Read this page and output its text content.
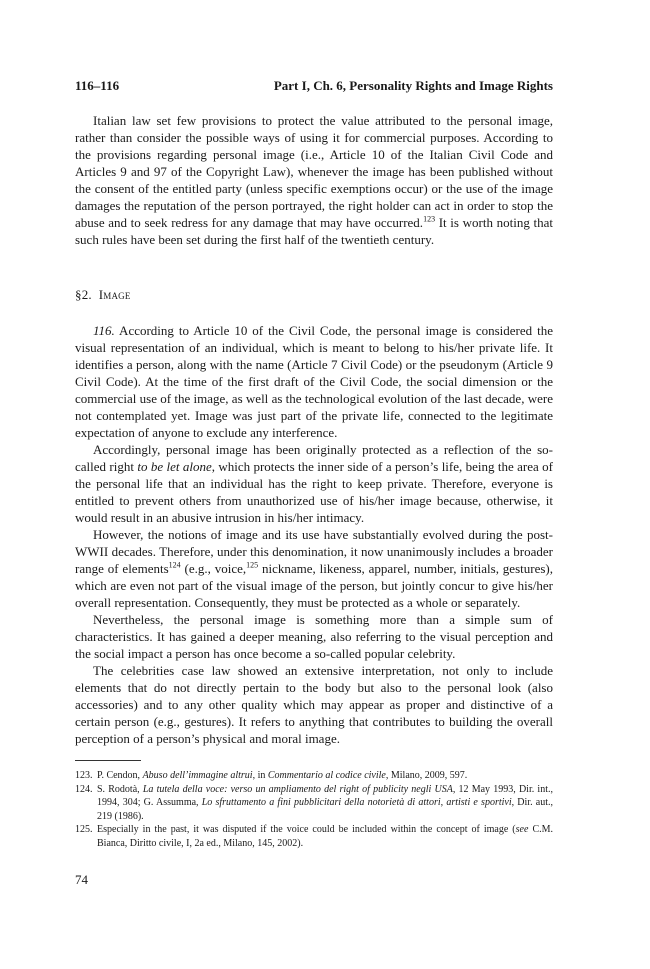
116–116	Part I, Ch. 6, Personality Rights and Image Rights

Italian law set few provisions to protect the value attributed to the personal image, rather than consider the possible ways of using it for commercial purposes. According to the provisions regarding personal image (i.e., Article 10 of the Italian Civil Code and Articles 9 and 97 of the Copyright Law), whenever the image has been published without the consent of the entitled party (unless specific exemptions occur) or the use of the image damages the reputation of the person portrayed, the right holder can act in order to stop the abuse and to seek redress for any damage that may have occurred.$^{123}$ It is worth noting that such rules have been set during the first half of the twentieth century.

§2.  Image

116. According to Article 10 of the Civil Code, the personal image is considered the visual representation of an individual, which is meant to belong to his/her private life. It identifies a person, along with the name (Article 7 Civil Code) or the pseudonym (Article 9 Civil Code). At the time of the first draft of the Civil Code, the social dimension or the commercial use of the image, as well as the technological evolution of the last decade, were not contemplated yet. Image was just part of the private life, connected to the legitimate expectation of anyone to exclude any interference.

Accordingly, personal image has been originally protected as a reflection of the so-called right to be let alone, which protects the inner side of a person’s life, being the area of the personal life that an individual has the right to keep private. Therefore, everyone is entitled to prevent others from unauthorized use of his/her image because, otherwise, it would result in an abusive intrusion in his/her intimacy.

However, the notions of image and its use have substantially evolved during the post-WWII decades. Therefore, under this denomination, it now unanimously includes a broader range of elements$^{124}$ (e.g., voice,$^{125}$ nickname, likeness, apparel, number, initials, gestures), which are even not part of the visual image of the person, but jointly concur to give his/her overall representation. Consequently, they must be protected as a whole or separately.

Nevertheless, the personal image is something more than a simple sum of characteristics. It has gained a deeper meaning, also referring to the visual perception and the social impact a person has once become a so-called popular celebrity.

The celebrities case law showed an extensive interpretation, not only to include elements that do not directly pertain to the body but also to the personal look (also accessories) and to any other quality which may appear as proper and distinctive of a certain person (e.g., gestures). It refers to anything that contributes to building the overall perception of a person’s physical and moral image.

123. P. Cendon, Abuso dell’immagine altrui, in Commentario al codice civile, Milano, 2009, 597.
124. S. Rodotà, La tutela della voce: verso un ampliamento del right of publicity negli USA, 12 May 1993, Dir. int., 1994, 304; G. Assumma, Lo sfruttamento a fini pubblicitari della notorietà di attori, artisti e sportivi, Dir. aut., 219 (1986).
125. Especially in the past, it was disputed if the voice could be included within the concept of image (see C.M. Bianca, Diritto civile, I, 2a ed., Milano, 145, 2002).
74
